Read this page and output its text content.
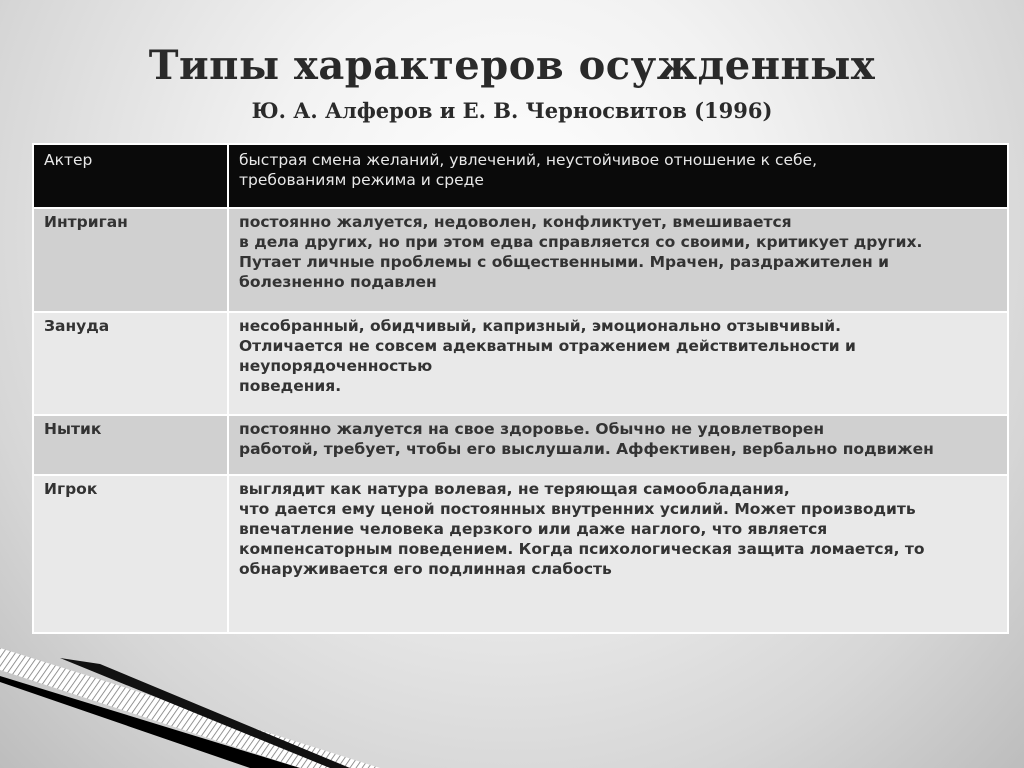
Типы характеров осужденных
Ю. А. Алферов и Е. В. Черносвитов (1996)
Актер	быстрая смена желаний, увлечений, неустойчивое отношение к себе,
требованиям режима и среде

Интриган	постоянно жалуется, недоволен, конфликтует, вмешивается
в дела других, но при этом едва справляется со своими, критикует других.
Путает личные проблемы с общественными. Мрачен, раздражителен и
болезненно подавлен

Зануда	несобранный, обидчивый, капризный, эмоционально отзывчивый.
Отличается не совсем адекватным отражением действительности и
неупорядоченностью
поведения.

Нытик	постоянно жалуется на свое здоровье. Обычно не удовлетворен
работой, требует, чтобы его выслушали. Аффективен, вербально подвижен

Игрок	выглядит как натура волевая, не теряющая самообладания,
что дается ему ценой постоянных внутренних усилий. Может производить
впечатление человека дерзкого или даже наглого, что является
компенсаторным поведением. Когда психологическая защита ломается, то
обнаруживается его подлинная слабость
